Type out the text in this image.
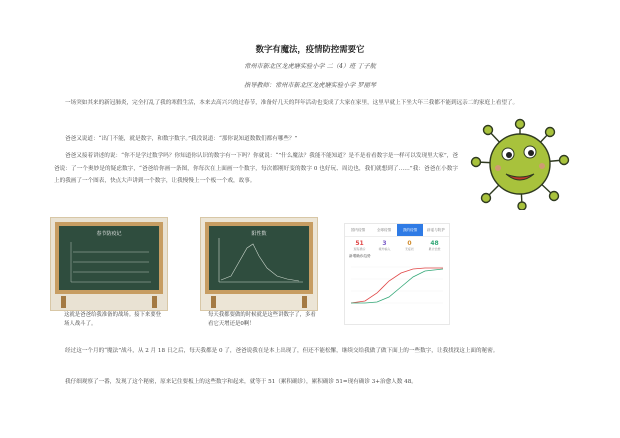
数字有魔法，疫情防控需要它
常州市新北区龙虎塘实验小学 二（4）班 丁子航
指导教师：常州市新北区龙虎塘实验小学 罗丽琴
一场突如其来的新冠肺炎，完全打乱了我的寒假生活，本来去高兴兴的过春节，准备好几天的拜年活动也变成了大家在家里，这里早就上下坐大年三我都不能到远亲二的家庭上看望了。
爸爸又说道：“出门不能，就是数字，和数字数字。”我没说道：“那你说知道数数们都有哪些？”
爸爸又接着讲述的说：“你不是学过数学吗？你知道你认识的数字有一下吗？你就说：“”什么魔法？我能不能知道？是不是看看数字是一样可以发现里大家”，爸爸说：了一个奥妙是的疑虑数字，“爸爸给你画一条图，你每次在上面画一个数字，每次都刚好变的数字 0 也好玩、周边也，我们就想到了……”我：爸爸在小数字上的我画了一个图表，快点大声讲到一个数字，让我慢慢上一个板一个戏，故事。
春节防疫记
这就是爸爸给我准备的战场。接下来要登场人战斗了。
阳性数
每天我都要做的时候就是这些讲数字了，多看看它天增还是0啊！
国内疫情	全球疫情	我的疫情	辟谣与防护
51
现有确诊
3
境外输入
0
无症状
48
累计治愈
新增确诊趋势
经过这一个月的“魔法”战斗，从 2 月 18 日之后，每天我都是 0 了，爸爸说我在是本上出现了，但还不能松懈，继续交给我做了做下面上的一些数字，让我找找这上面的秘密。
我仔细观察了一番，发现了这个秘密，原来记住要板上的这些数字和起来，就等于 51（累积确诊），累积确诊 51=现有确诊 3+治愈人数 48。
